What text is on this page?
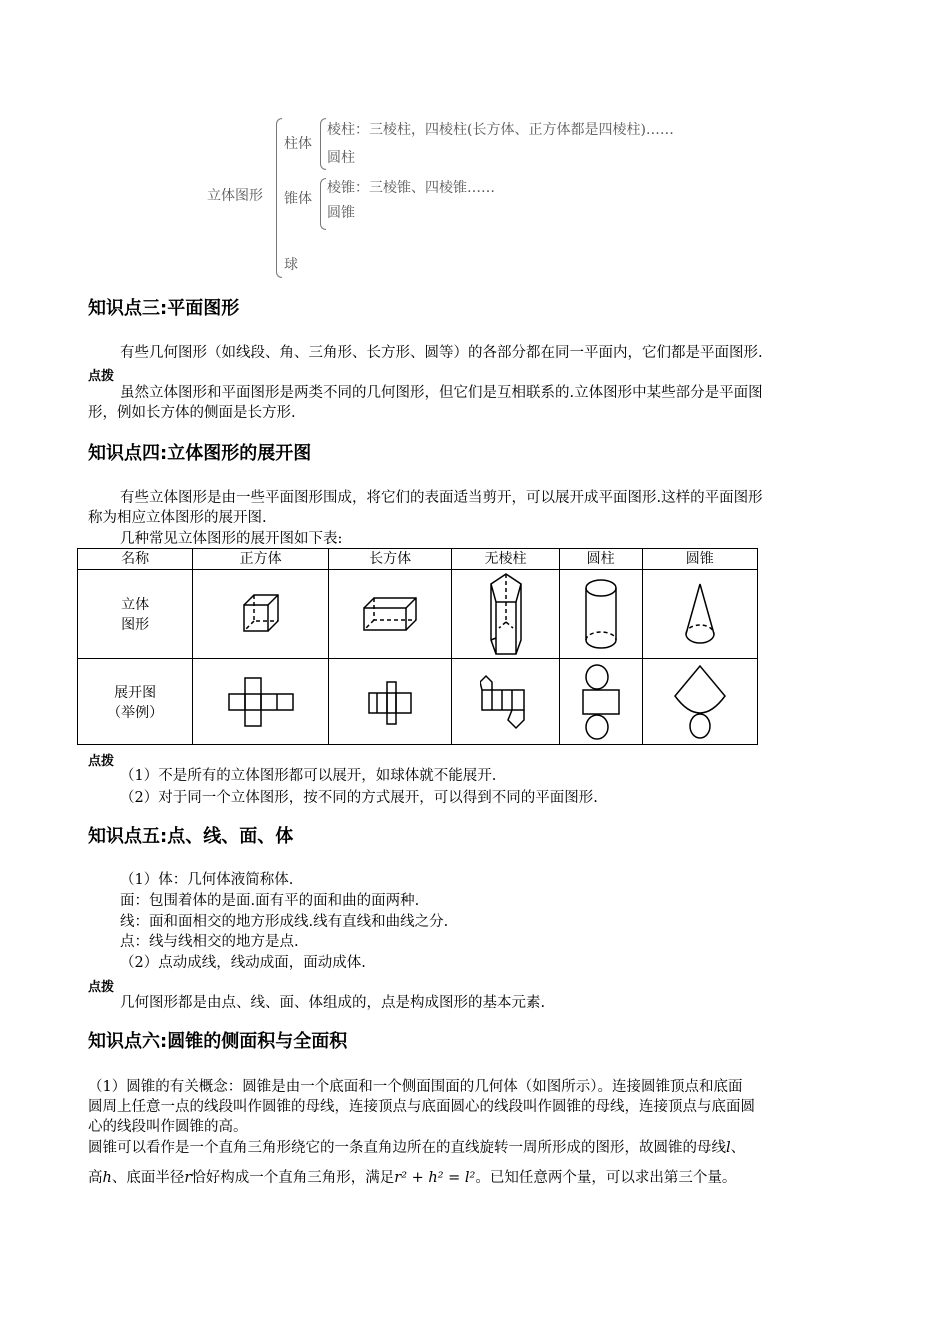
立体图形
柱体
棱柱：三棱柱，四棱柱(长方体、正方体都是四棱柱)……
圆柱
锥体
棱锥：三棱锥、四棱锥……
圆锥
球
知识点三:平面图形
有些几何图形（如线段、角、三角形、长方形、圆等）的各部分都在同一平面内，它们都是平面图形.
点拨
虽然立体图形和平面图形是两类不同的几何图形，但它们是互相联系的.立体图形中某些部分是平面图
形，例如长方体的侧面是长方形.
知识点四:立体图形的展开图
有些立体图形是由一些平面图形围成，将它们的表面适当剪开，可以展开成平面图形.这样的平面图形
称为相应立体图形的展开图.
几种常见立体图形的展开图如下表:
名称	正方体	长方体	无棱柱	圆柱	圆锥
立体
图形	

展开图
（举例）	

点拨
（1）不是所有的立体图形都可以展开，如球体就不能展开.
（2）对于同一个立体图形，按不同的方式展开，可以得到不同的平面图形.
知识点五:点、线、面、体
（1）体：几何体液简称体.
面：包围着体的是面.面有平的面和曲的面两种.
线：面和面相交的地方形成线.线有直线和曲线之分.
点：线与线相交的地方是点.
（2）点动成线，线动成面，面动成体.
点拨
几何图形都是由点、线、面、体组成的，点是构成图形的基本元素.
知识点六:圆锥的侧面积与全面积
（1）圆锥的有关概念：圆锥是由一个底面和一个侧面围面的几何体（如图所示）。连接圆锥顶点和底面
圆周上任意一点的线段叫作圆锥的母线，连接顶点与底面圆心的线段叫作圆锥的母线，连接顶点与底面圆
心的线段叫作圆锥的高。
圆锥可以看作是一个直角三角形绕它的一条直角边所在的直线旋转一周所形成的图形，故圆锥的母线l、
高h、底面半径r恰好构成一个直角三角形，满足r² + h² = l²。已知任意两个量，可以求出第三个量。
